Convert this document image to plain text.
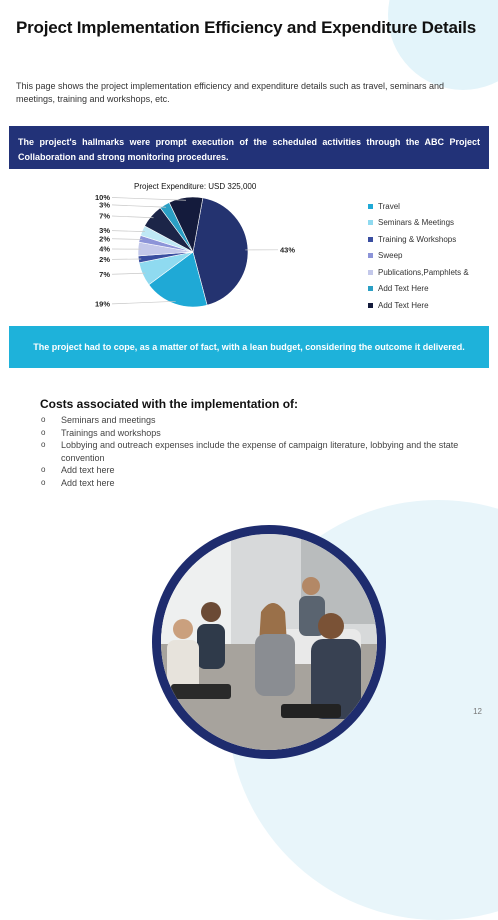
Project Implementation Efficiency and Expenditure Details

This page shows the project implementation efficiency and expenditure details such as travel, seminars and meetings, training and workshops, etc.

The project's hallmarks were prompt execution of the scheduled activities through the ABC Project Collaboration and strong monitoring procedures.
Project Expenditure: USD 325,000
43%
19%
7%
2%
4%
2%
3%
7%
3%
10%
Travel
Seminars & Meetings
Training & Workshops
Sweep
Publications,Pamphlets &
Add Text Here
Add Text Here
The project had to cope, as a matter of fact, with a lean budget, considering the outcome it delivered.
Costs associated with the implementation of:
o Seminars and meetings
o Trainings and workshops
o Lobbying and outreach expenses include the expense of campaign literature, lobbying and the state convention
o Add text here
o Add text here
12
